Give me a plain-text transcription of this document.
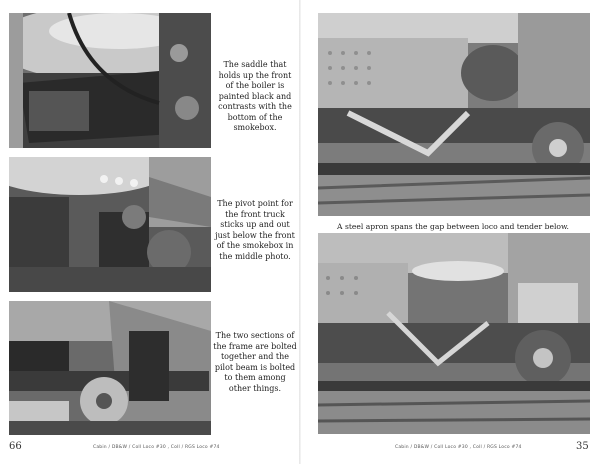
The saddle that holds up the front of the boiler is painted black and contrasts with the bottom of the smokebox.
The pivot point for the front truck sticks up and out just below the front of the smokebox in the middle photo.
The two sections of the frame are bolted together and the pilot beam is bolted to them among other things.
66	Cabin / DB&W / Coll Loco #30 , Coll / RGS Loco #74
A steel apron spans the gap between loco and tender below.
Cabin / DB&W / Coll Loco #30 , Coll / RGS Loco #74	35
